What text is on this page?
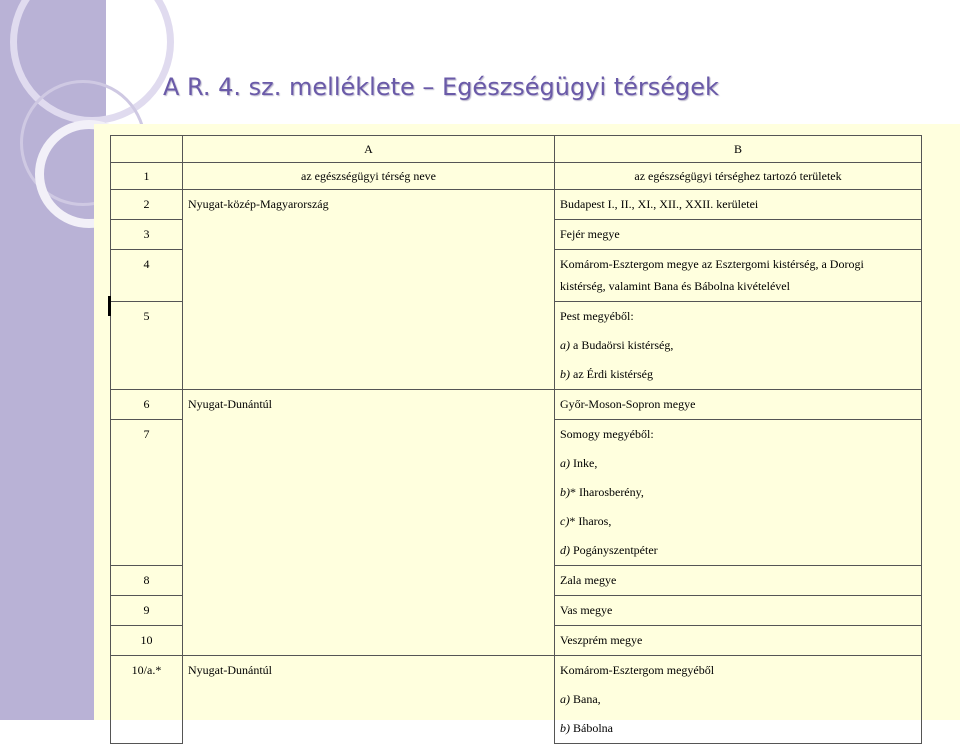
A R. 4. sz. melléklete – Egészségügyi térségek

	A	B

1	az egészségügyi térség neve	az egészségügyi térséghez tartozó területek

2	Nyugat-közép-Magyarország	Budapest I., II., XI., XII., XXII. kerületei

3		Fejér megye

4		Komárom-Esztergom megye az Esztergomi kistérség, a Dorogi
kistérség, valamint Bana és Bábolna kivételével

5		Pest megyéből:
a) a Budaörsi kistérség,
b) az Érdi kistérség

6	Nyugat-Dunántúl	Győr-Moson-Sopron megye

7		Somogy megyéből:
a) Inke,
b)* Iharosberény,
c)* Iharos,
d) Pogányszentpéter

8		Zala megye

9		Vas megye

10		Veszprém megye

10/a.*	Nyugat-Dunántúl	Komárom-Esztergom megyéből
a) Bana,
b) Bábolna
